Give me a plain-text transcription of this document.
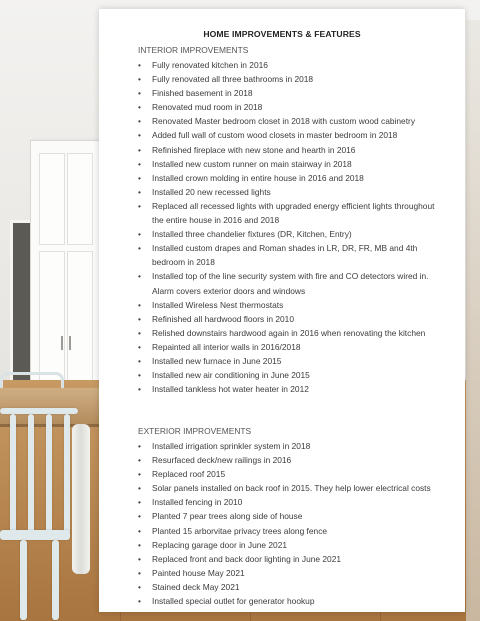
HOME IMPROVEMENTS & FEATURES
INTERIOR IMPROVEMENTS
• Fully renovated kitchen in 2016
• Fully renovated all three bathrooms in 2018
• Finished basement in 2018
• Renovated mud room in 2018
• Renovated Master bedroom closet in 2018 with custom wood cabinetry
• Added full wall of custom wood closets in master bedroom in 2018
• Refinished fireplace with new stone and hearth in 2016
• Installed new custom runner on main stairway in 2018
• Installed crown molding in entire house in 2016 and 2018
• Installed 20 new recessed lights
• Replaced all recessed lights with upgraded energy efficient lights throughout the entire house in 2016 and 2018
• Installed three chandelier fixtures (DR, Kitchen, Entry)
• Installed custom drapes and Roman shades in LR, DR, FR, MB and 4th bedroom in 2018
• Installed top of the line security system with fire and CO detectors wired in. Alarm covers exterior doors and windows
• Installed Wireless Nest thermostats
• Refinished all hardwood floors in 2010
• Relished downstairs hardwood again in 2016 when renovating the kitchen
• Repainted all interior walls in 2016/2018
• Installed new furnace in June 2015
• Installed new air conditioning in June 2015
• Installed tankless hot water heater in 2012
EXTERIOR IMPROVEMENTS
• Installed irrigation sprinkler system in 2018
• Resurfaced deck/new railings in 2016
• Replaced roof 2015
• Solar panels installed on back roof in 2015. They help lower electrical costs
• Installed fencing in 2010
• Planted 7 pear trees along side of house
• Planted 15 arborvitae privacy trees along fence
• Replacing garage door in June 2021
• Replaced front and back door lighting in June 2021
• Painted house May 2021
• Stained deck May 2021
• Installed special outlet for generator hookup
